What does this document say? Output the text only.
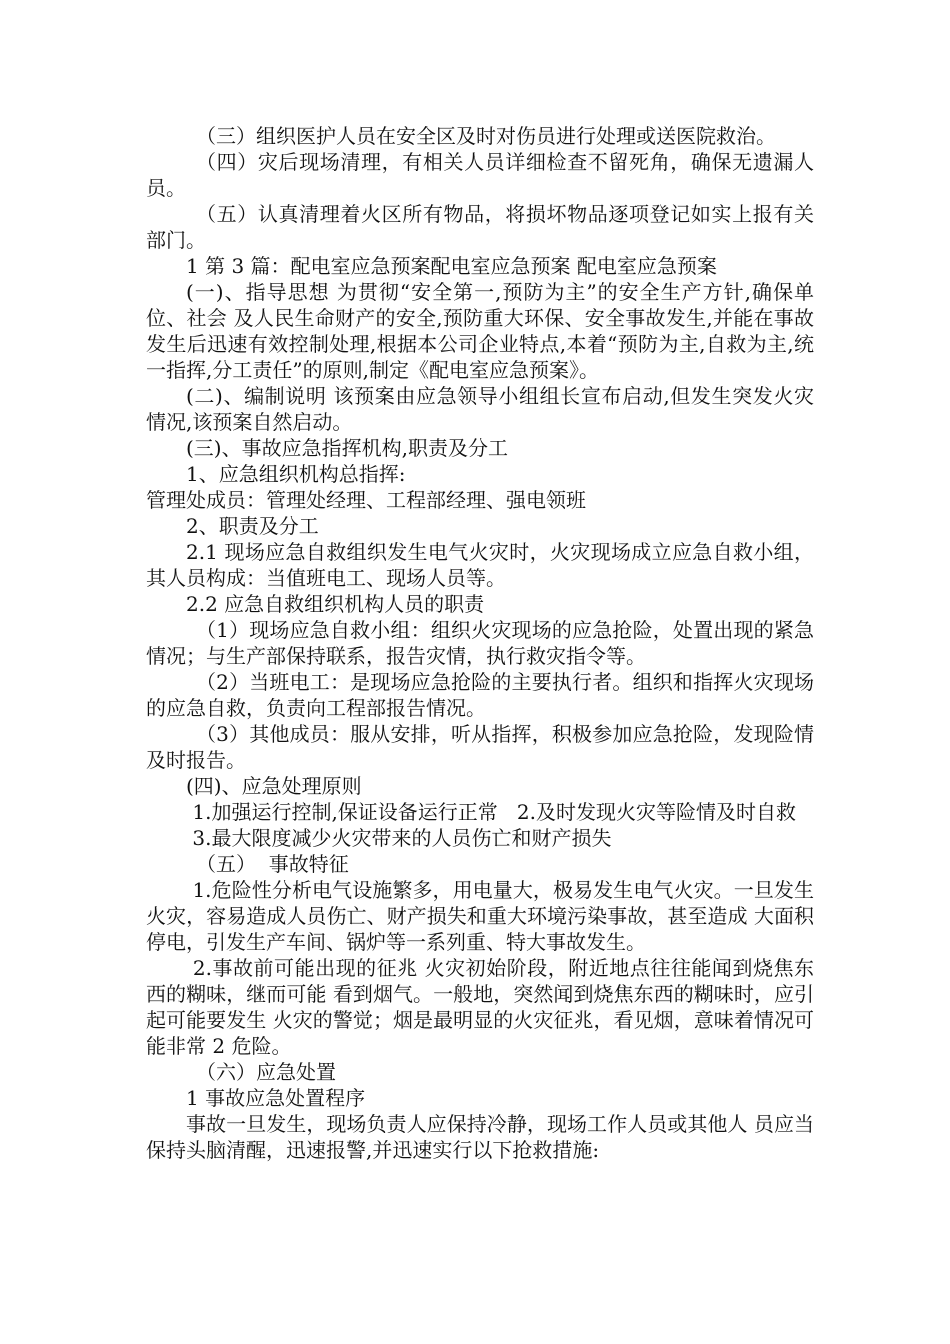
（三）组织医护人员在安全区及时对伤员进行处理或送医院救治。

（四）灾后现场清理，有相关人员详细检查不留死角，确保无遗漏人员。

（五）认真清理着火区所有物品，将损坏物品逐项登记如实上报有关部门。

1 第 3 篇：配电室应急预案配电室应急预案 配电室应急预案

(一)、指导思想 为贯彻“安全第一,预防为主”的安全生产方针,确保单位、社会 及人民生命财产的安全,预防重大环保、安全事故发生,并能在事故发生后迅速有效控制处理,根据本公司企业特点,本着“预防为主,自救为主,统一指挥,分工责任”的原则,制定《配电室应急预案》。

(二)、编制说明 该预案由应急领导小组组长宣布启动,但发生突发火灾情况,该预案自然启动。

(三)、事故应急指挥机构,职责及分工

1、应急组织机构总指挥:

管理处成员：管理处经理、工程部经理、强电领班

2、职责及分工

2.1 现场应急自救组织发生电气火灾时，火灾现场成立应急自救小组，其人员构成：当值班电工、现场人员等。

2.2 应急自救组织机构人员的职责

（1）现场应急自救小组：组织火灾现场的应急抢险，处置出现的紧急情况；与生产部保持联系，报告灾情，执行救灾指令等。

（2）当班电工：是现场应急抢险的主要执行者。组织和指挥火灾现场的应急自救，负责向工程部报告情况。

（3）其他成员：服从安排，听从指挥，积极参加应急抢险，发现险情及时报告。

(四)、应急处理原则

1.加强运行控制,保证设备运行正常   2.及时发现火灾等险情及时自救

3.最大限度减少火灾带来的人员伤亡和财产损失

（五）  事故特征

1.危险性分析电气设施繁多，用电量大，极易发生电气火灾。一旦发生火灾，容易造成人员伤亡、财产损失和重大环境污染事故，甚至造成 大面积停电，引发生产车间、锅炉等一系列重、特大事故发生。

2.事故前可能出现的征兆 火灾初始阶段，附近地点往往能闻到烧焦东西的糊味，继而可能 看到烟气。一般地，突然闻到烧焦东西的糊味时，应引起可能要发生 火灾的警觉；烟是最明显的火灾征兆，看见烟，意味着情况可能非常 2 危险。

（六）应急处置

1 事故应急处置程序

事故一旦发生，现场负责人应保持冷静，现场工作人员或其他人 员应当保持头脑清醒，迅速报警,并迅速实行以下抢救措施:
